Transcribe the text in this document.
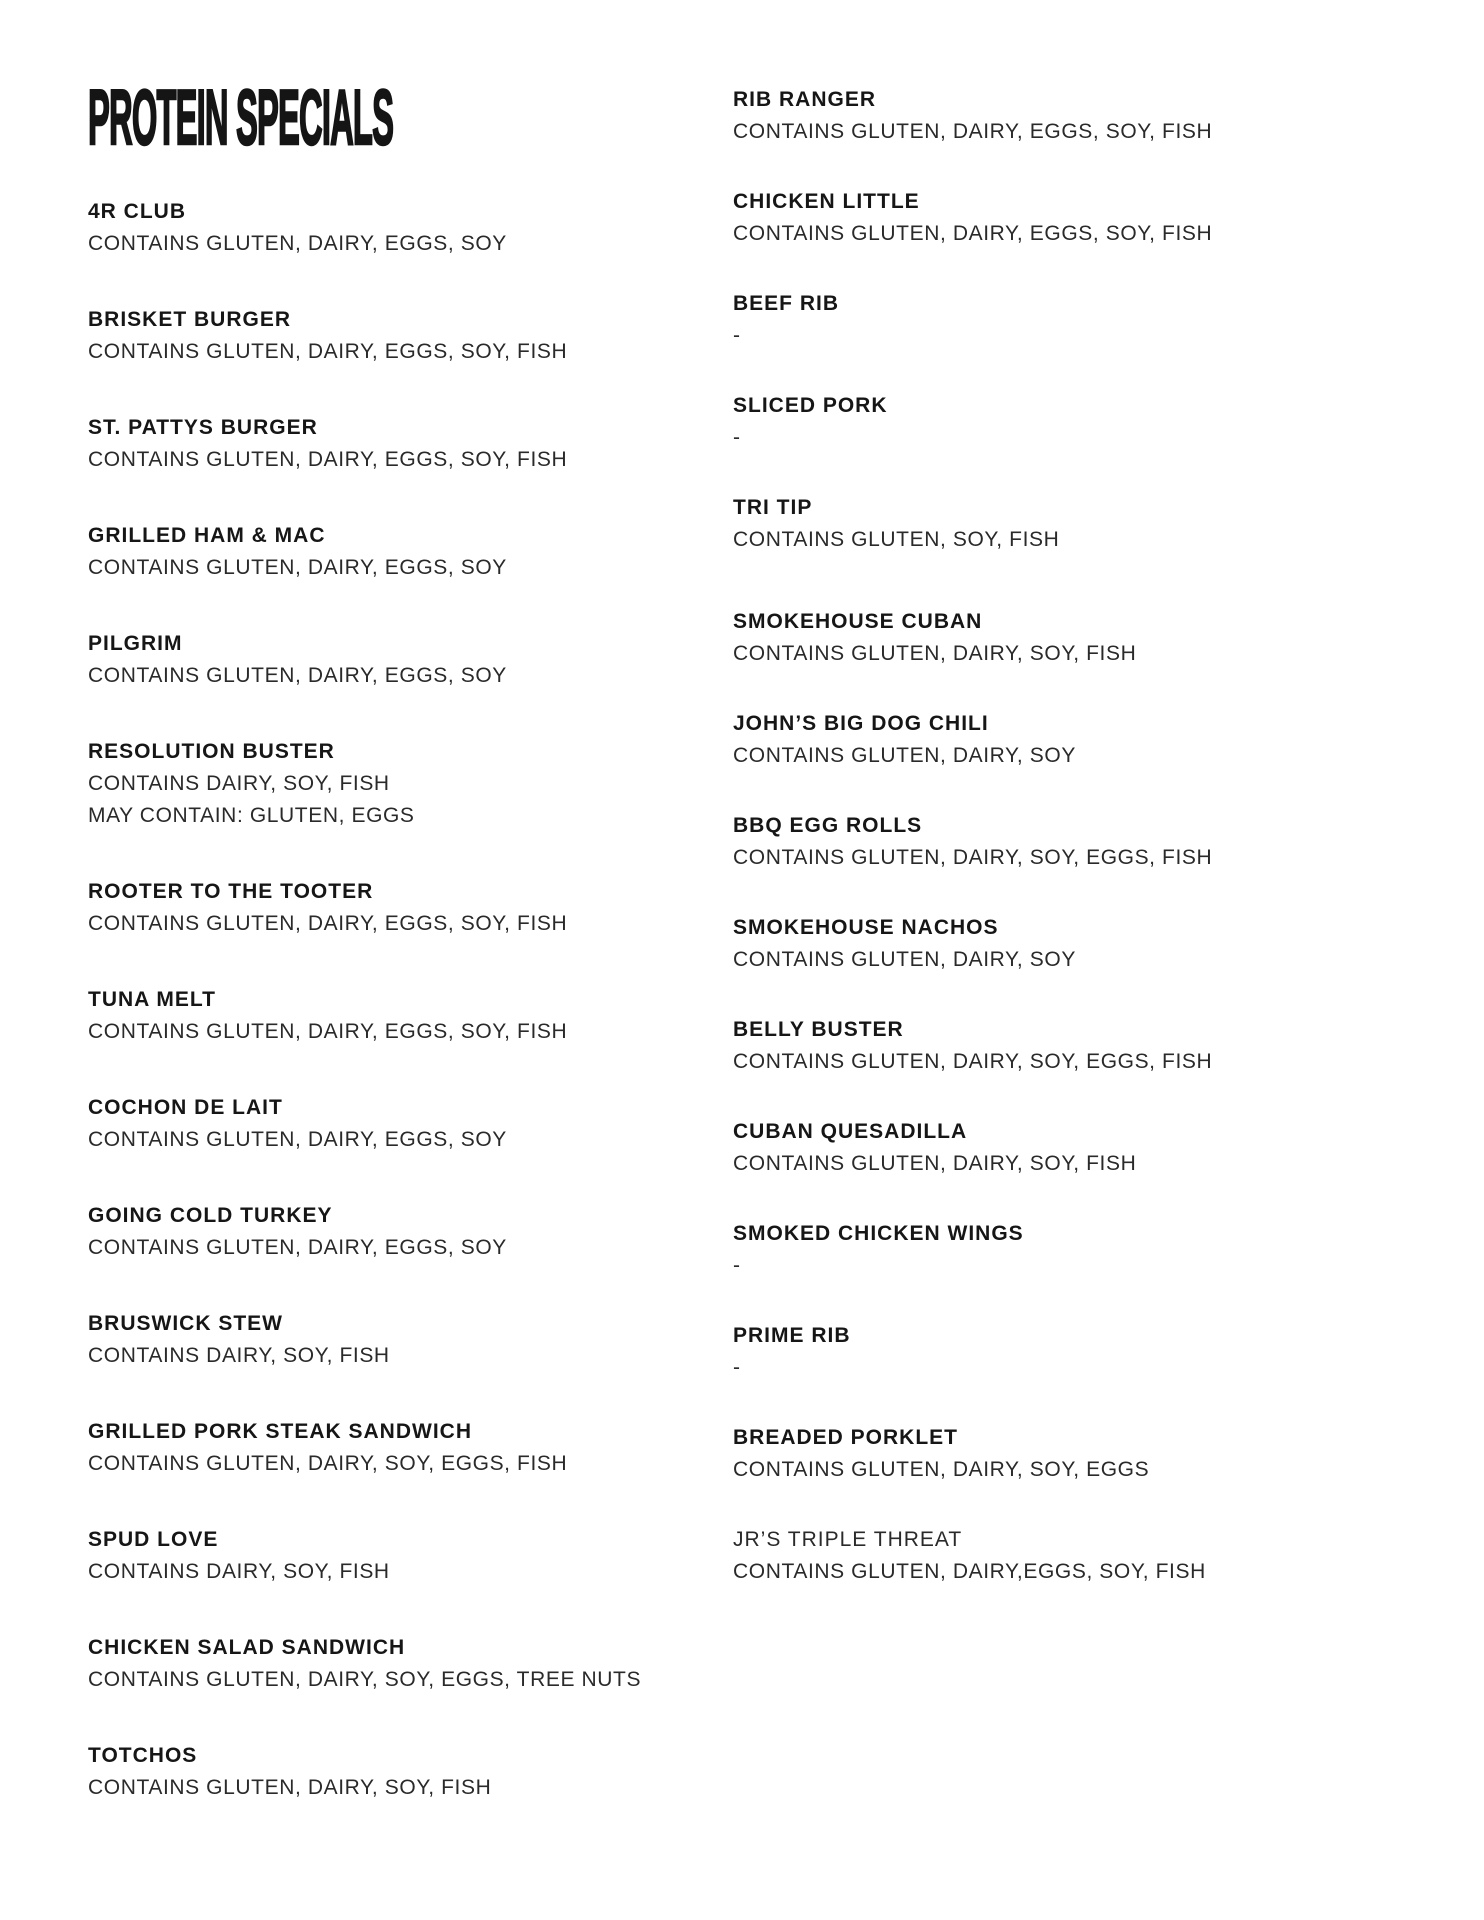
PROTEIN SPECIALS
4R CLUB
CONTAINS GLUTEN, DAIRY, EGGS, SOY
BRISKET BURGER
CONTAINS GLUTEN, DAIRY, EGGS, SOY, FISH
ST. PATTYS BURGER
CONTAINS GLUTEN, DAIRY, EGGS, SOY, FISH
GRILLED HAM & MAC
CONTAINS GLUTEN, DAIRY, EGGS, SOY
PILGRIM
CONTAINS GLUTEN, DAIRY, EGGS, SOY
RESOLUTION BUSTER
CONTAINS DAIRY, SOY, FISH
MAY CONTAIN: GLUTEN, EGGS
ROOTER TO THE TOOTER
CONTAINS GLUTEN, DAIRY, EGGS, SOY, FISH
TUNA MELT
CONTAINS GLUTEN, DAIRY, EGGS, SOY, FISH
COCHON DE LAIT
CONTAINS GLUTEN, DAIRY, EGGS, SOY
GOING COLD TURKEY
CONTAINS GLUTEN, DAIRY, EGGS, SOY
BRUSWICK STEW
CONTAINS DAIRY, SOY, FISH
GRILLED PORK STEAK SANDWICH
CONTAINS GLUTEN, DAIRY, SOY, EGGS, FISH
SPUD LOVE
CONTAINS DAIRY, SOY, FISH
CHICKEN SALAD SANDWICH
CONTAINS GLUTEN, DAIRY, SOY, EGGS, TREE NUTS
TOTCHOS
CONTAINS GLUTEN, DAIRY, SOY, FISH
RIB RANGER
CONTAINS GLUTEN, DAIRY, EGGS, SOY, FISH
CHICKEN LITTLE
CONTAINS GLUTEN, DAIRY, EGGS, SOY, FISH
BEEF RIB
-
SLICED PORK
-
TRI TIP
CONTAINS GLUTEN, SOY, FISH
SMOKEHOUSE CUBAN
CONTAINS GLUTEN, DAIRY, SOY, FISH
JOHN’S BIG DOG CHILI
CONTAINS GLUTEN, DAIRY, SOY
BBQ EGG ROLLS
CONTAINS GLUTEN, DAIRY, SOY, EGGS, FISH
SMOKEHOUSE NACHOS
CONTAINS GLUTEN, DAIRY, SOY
BELLY BUSTER
CONTAINS GLUTEN, DAIRY, SOY, EGGS, FISH
CUBAN QUESADILLA
CONTAINS GLUTEN, DAIRY, SOY, FISH
SMOKED CHICKEN WINGS
-
PRIME RIB
-
BREADED PORKLET
CONTAINS GLUTEN, DAIRY, SOY, EGGS
JR’S TRIPLE THREAT
CONTAINS GLUTEN, DAIRY,EGGS, SOY, FISH
